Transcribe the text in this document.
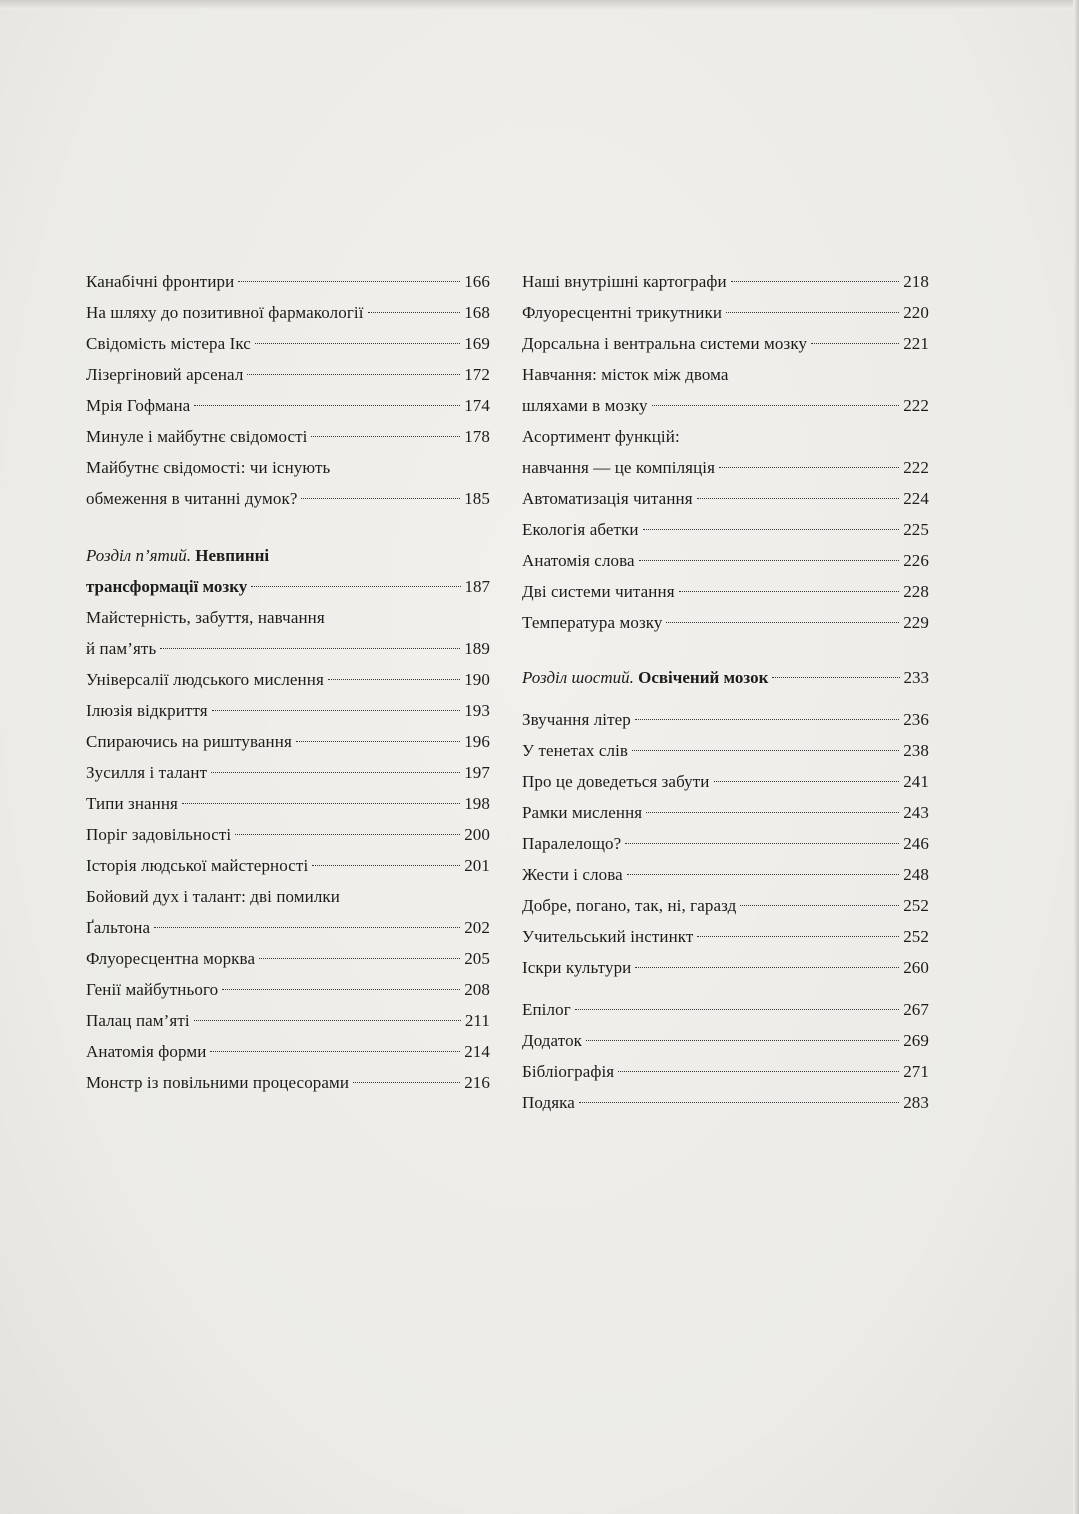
Канабічні фронтири	166
На шляху до позитивної фармакології	168
Свідомість містера Ікс	169
Лізергіновий арсенал	172
Мрія Гофмана	174
Минуле і майбутнє свідомості	178
Майбутнє свідомості: чи існують
обмеження в читанні думок?	185
Розділ п’ятий. Невпинні
трансформації мозку	187
Майстерність, забуття, навчання
й пам’ять	189
Універсалії людського мислення	190
Ілюзія відкриття	193
Спираючись на риштування	196
Зусилля і талант	197
Типи знання	198
Поріг задовільності	200
Історія людської майстерності	201
Бойовий дух і талант: дві помилки
Ґальтона	202
Флуоресцентна морква	205
Генії майбутнього	208
Палац пам’яті	211
Анатомія форми	214
Монстр із повільними процесорами	216
Наші внутрішні картографи	218
Флуоресцентні трикутники	220
Дорсальна і вентральна системи мозку	221
Навчання: місток між двома
шляхами в мозку	222
Асортимент функцій:
навчання — це компіляція	222
Автоматизація читання	224
Екологія абетки	225
Анатомія слова	226
Дві системи читання	228
Температура мозку	229
Розділ шостий. Освічений мозок	233
Звучання літер	236
У тенетах слів	238
Про це доведеться забути	241
Рамки мислення	243
Паралелощо?	246
Жести і слова	248
Добре, погано, так, ні, гаразд	252
Учительський інстинкт	252
Іскри культури	260
Епілог	267
Додаток	269
Бібліографія	271
Подяка	283
